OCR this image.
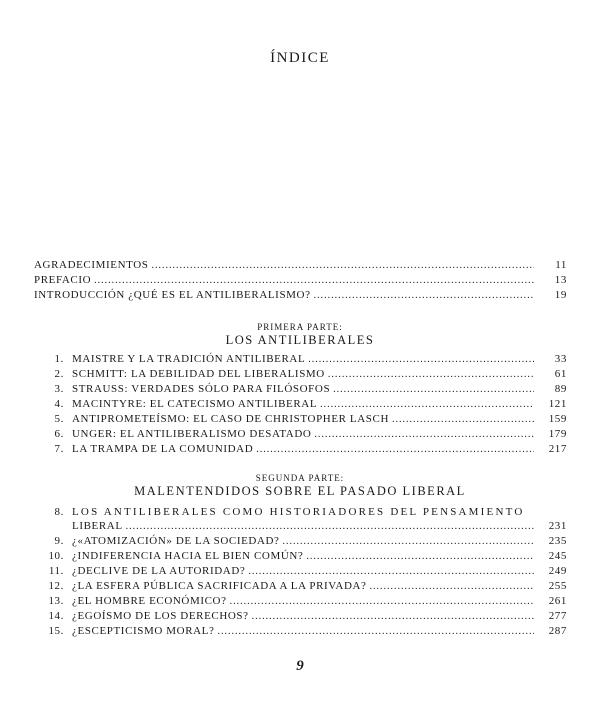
ÍNDICE
AGRADECIMIENTOS .....	11
PREFACIO .....	13
INTRODUCCIÓN ¿QUÉ ES EL ANTILIBERALISMO? .....	19
PRIMERA PARTE:
LOS ANTILIBERALES
1. MAISTRE Y LA TRADICIÓN ANTILIBERAL .....	33
2. SCHMITT: LA DEBILIDAD DEL LIBERALISMO .....	61
3. STRAUSS: VERDADES SÓLO PARA FILÓSOFOS .....	89
4. MACINTYRE: EL CATECISMO ANTILIBERAL .....	121
5. ANTIPROMETEÍSMO: EL CASO DE CHRISTOPHER LASCH .....	159
6. UNGER: EL ANTILIBERALISMO DESATADO .....	179
7. LA TRAMPA DE LA COMUNIDAD .....	217
SEGUNDA PARTE:
MALENTENDIDOS SOBRE EL PASADO LIBERAL
8. LOS ANTILIBERALES COMO HISTORIADORES DEL PENSAMIENTO
LIBERAL .....	231
9. ¿«ATOMIZACIÓN» DE LA SOCIEDAD? .....	235
10. ¿INDIFERENCIA HACIA EL BIEN COMÚN? .....	245
11. ¿DECLIVE DE LA AUTORIDAD? .....	249
12. ¿LA ESFERA PÚBLICA SACRIFICADA A LA PRIVADA? .....	255
13. ¿EL HOMBRE ECONÓMICO? .....	261
14. ¿EGOÍSMO DE LOS DERECHOS? .....	277
15. ¿ESCEPTICISMO MORAL? .....	287
9
